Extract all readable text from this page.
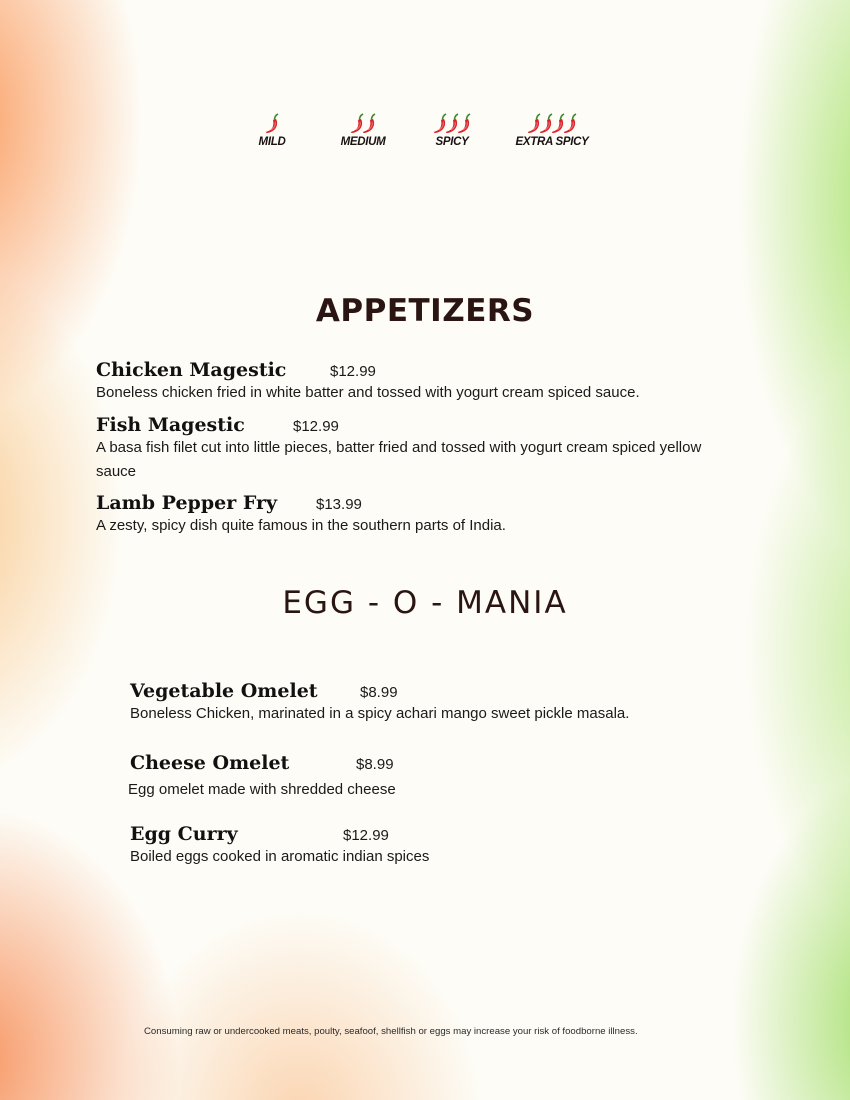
MILD	MEDIUM	SPICY	EXTRA SPICY
APPETIZERS
Chicken Magestic	$12.99
Boneless chicken fried in white batter and tossed with yogurt cream spiced sauce.
Fish Magestic	$12.99
A basa fish filet cut into little pieces, batter fried and tossed with yogurt cream spiced yellow sauce
Lamb Pepper Fry	$13.99
A zesty, spicy dish quite famous in the southern parts of India.
EGG - O - MANIA
Vegetable Omelet	$8.99
Boneless Chicken, marinated in a spicy achari mango sweet pickle masala.
Cheese Omelet	$8.99
Egg omelet made with shredded cheese
Egg Curry	$12.99
Boiled eggs cooked in aromatic indian spices
Consuming raw or undercooked meats, poulty, seafoof, shellfish or eggs may increase your risk of foodborne illness.
